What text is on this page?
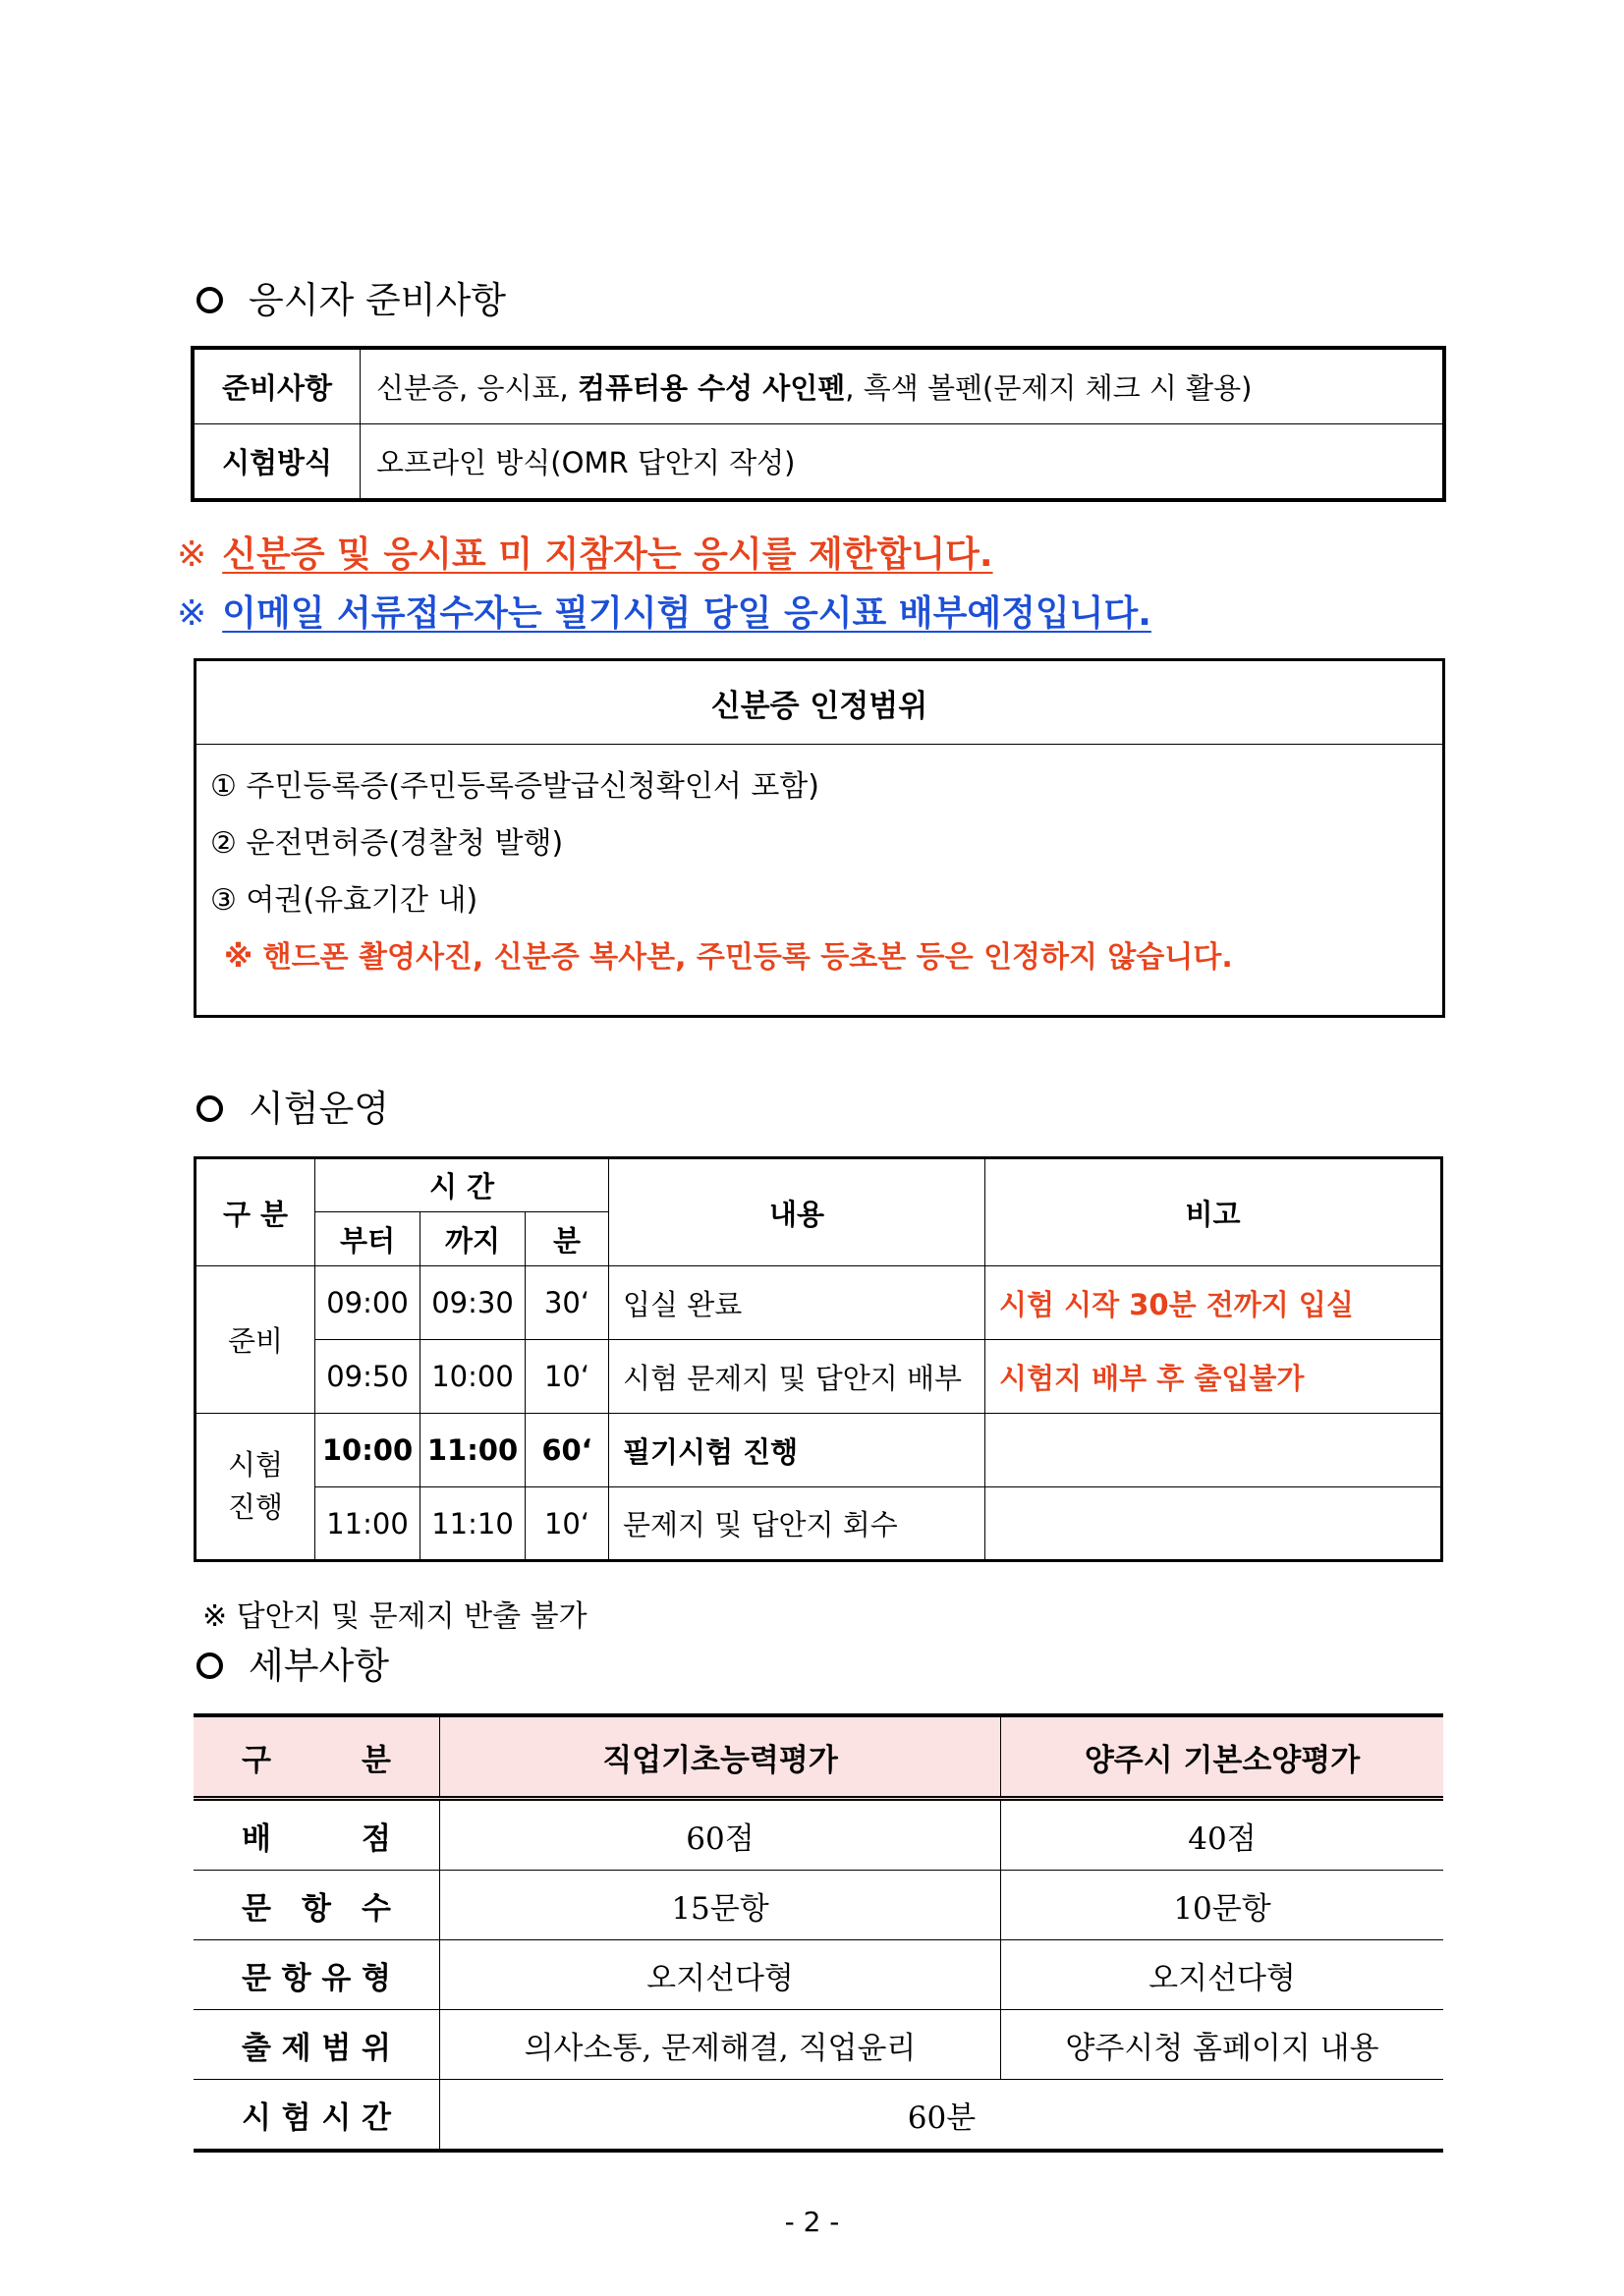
응시자 준비사항
준비사항	신분증, 응시표, 컴퓨터용 수성 사인펜, 흑색 볼펜(문제지 체크 시 활용)
시험방식	오프라인 방식(OMR 답안지 작성)
※ 신분증 및 응시표 미 지참자는 응시를 제한합니다.
※ 이메일 서류접수자는 필기시험 당일 응시표 배부예정입니다.
신분증 인정범위
① 주민등록증(주민등록증발급신청확인서 포함)
② 운전면허증(경찰청 발행)
③ 여권(유효기간 내)
※ 핸드폰 촬영사진, 신분증 복사본, 주민등록 등초본 등은 인정하지 않습니다.
시험운영
구 분	시 간			내용	비고
	부터	까지	분		
준비	09:00	09:30	30‘	입실 완료	시험 시작 30분 전까지 입실
	09:50	10:00	10‘	시험 문제지 및 답안지 배부	시험지 배부 후 출입불가
시험
진행	10:00	11:00	60‘	필기시험 진행	
	11:00	11:10	10‘	문제지 및 답안지 회수	
※ 답안지 및 문제지 반출 불가
세부사항
구 분	직업기초능력평가	양주시 기본소양평가

배 점	60점	40점

문 항 수	15문항	10문항

문 항 유 형	오지선다형	오지선다형

출 제 범 위	의사소통, 문제해결, 직업윤리	양주시청 홈페이지 내용

시 험 시 간	60분	
- 2 -
